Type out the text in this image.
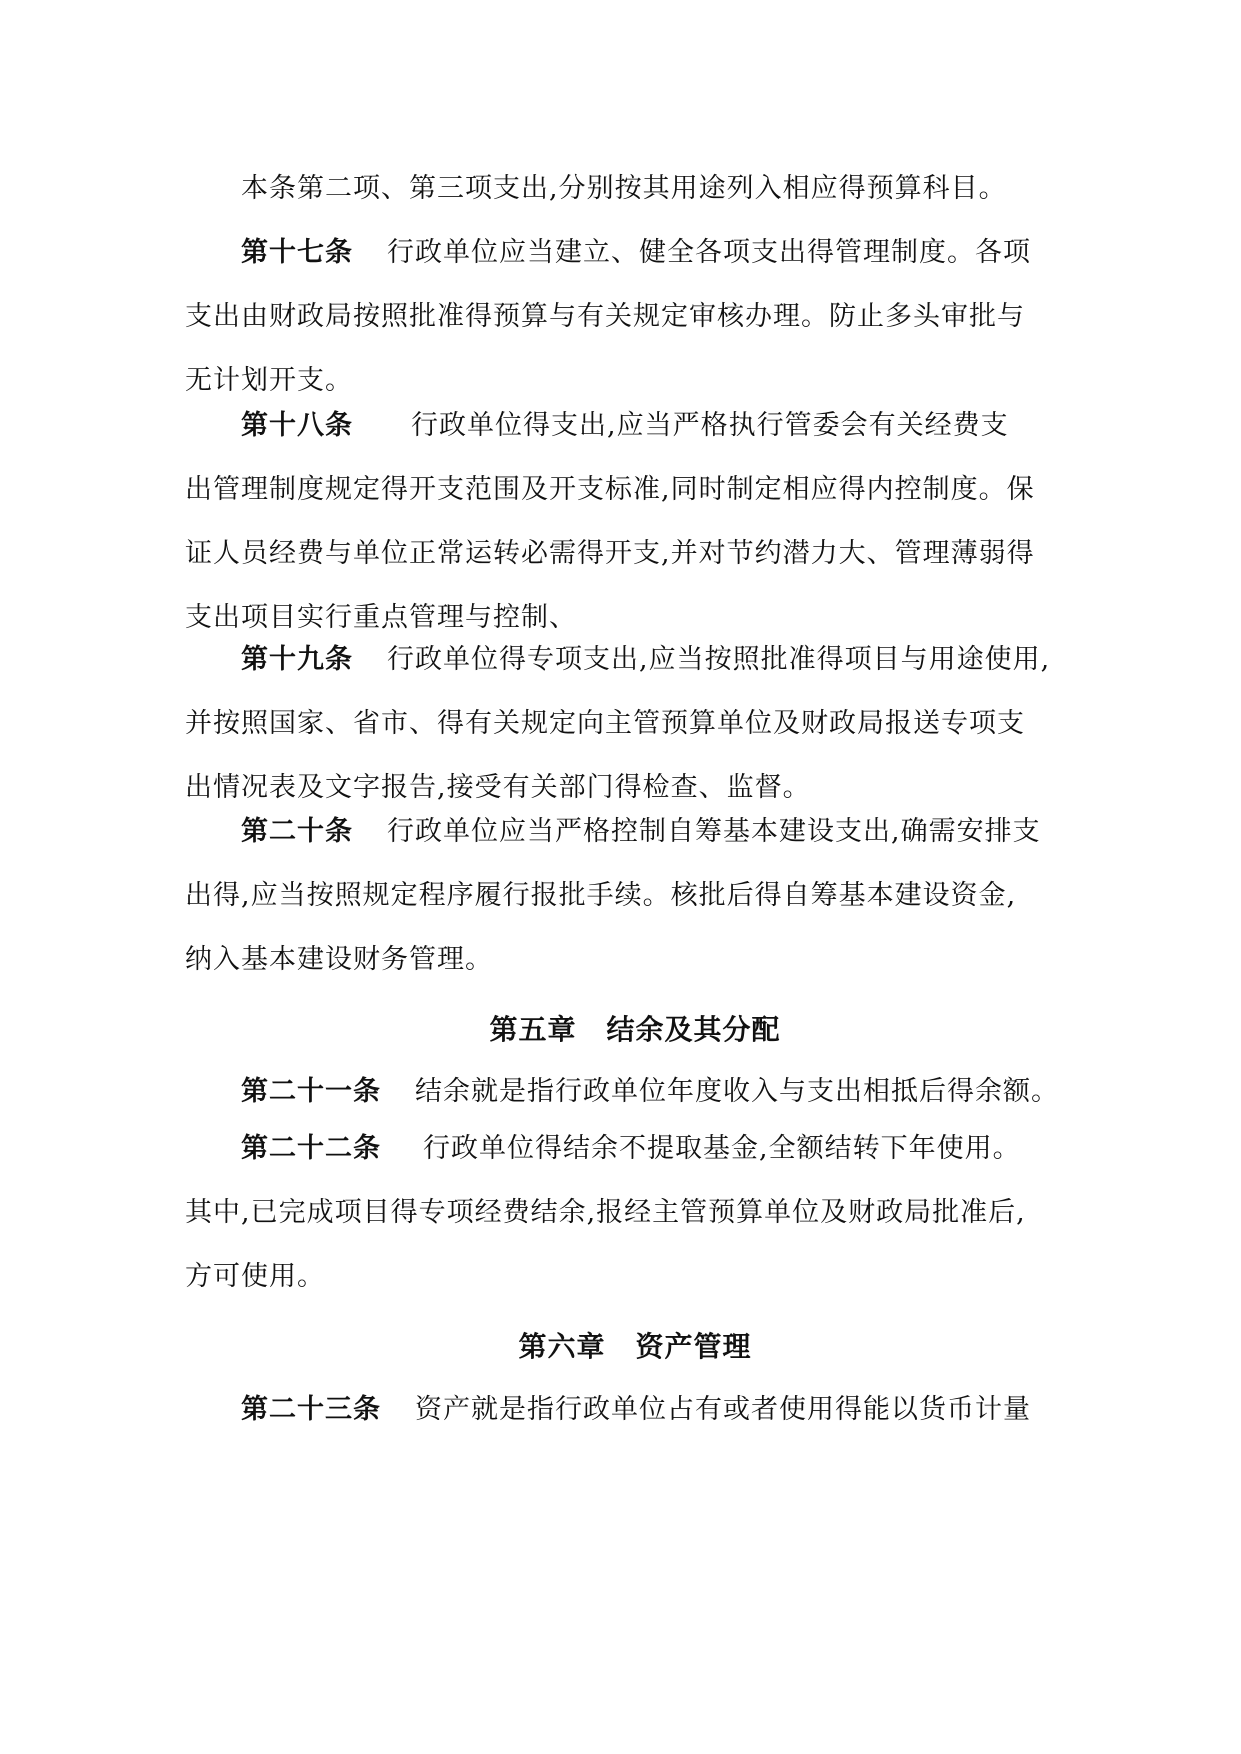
本条第二项、第三项支出,分别按其用途列入相应得预算科目。
第十七条 行政单位应当建立、健全各项支出得管理制度。各项
支出由财政局按照批准得预算与有关规定审核办理。防止多头审批与
无计划开支。
第十八条 行政单位得支出,应当严格执行管委会有关经费支
出管理制度规定得开支范围及开支标准,同时制定相应得内控制度。保
证人员经费与单位正常运转必需得开支,并对节约潜力大、管理薄弱得
支出项目实行重点管理与控制、
第十九条 行政单位得专项支出,应当按照批准得项目与用途使用,
并按照国家、省市、得有关规定向主管预算单位及财政局报送专项支
出情况表及文字报告,接受有关部门得检查、监督。
第二十条 行政单位应当严格控制自筹基本建设支出,确需安排支
出得,应当按照规定程序履行报批手续。核批后得自筹基本建设资金,
纳入基本建设财务管理。
第五章 结余及其分配
第二十一条 结余就是指行政单位年度收入与支出相抵后得余额。
第二十二条 行政单位得结余不提取基金,全额结转下年使用。
其中,已完成项目得专项经费结余,报经主管预算单位及财政局批准后,
方可使用。
第六章 资产管理
第二十三条 资产就是指行政单位占有或者使用得能以货币计量
